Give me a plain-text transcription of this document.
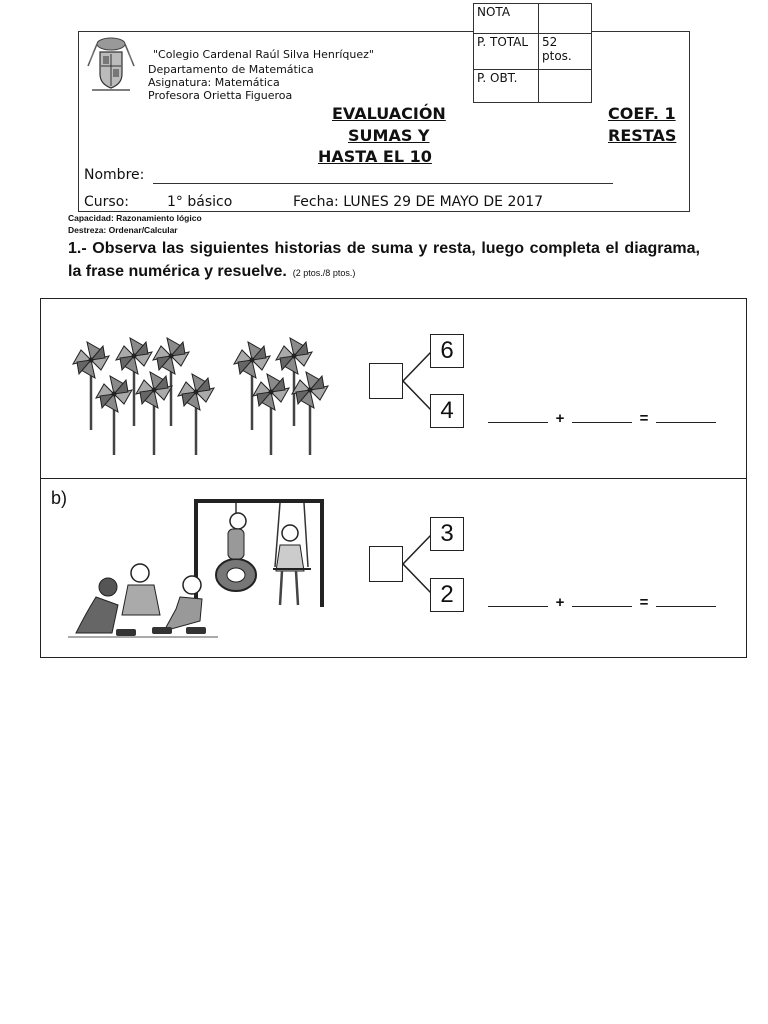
NOTA	
P. TOTAL	52 ptos.
P. OBT.	
"Colegio Cardenal Raúl Silva Henríquez"
Departamento de Matemática
Asignatura: Matemática
Profesora Orietta Figueroa
EVALUACIÓN
SUMAS Y
HASTA EL 10
COEF. 1
RESTAS
Nombre:
Curso:	1° básico	Fecha: LUNES 29 DE MAYO DE 2017
Capacidad: Razonamiento lógico
Destreza: Ordenar/Calcular
1.- Observa las siguientes historias de suma y resta, luego completa el diagrama, la frase numérica y resuelve. (2 ptos./8 ptos.)
6
4	+	=
b)
3
2	+	=
